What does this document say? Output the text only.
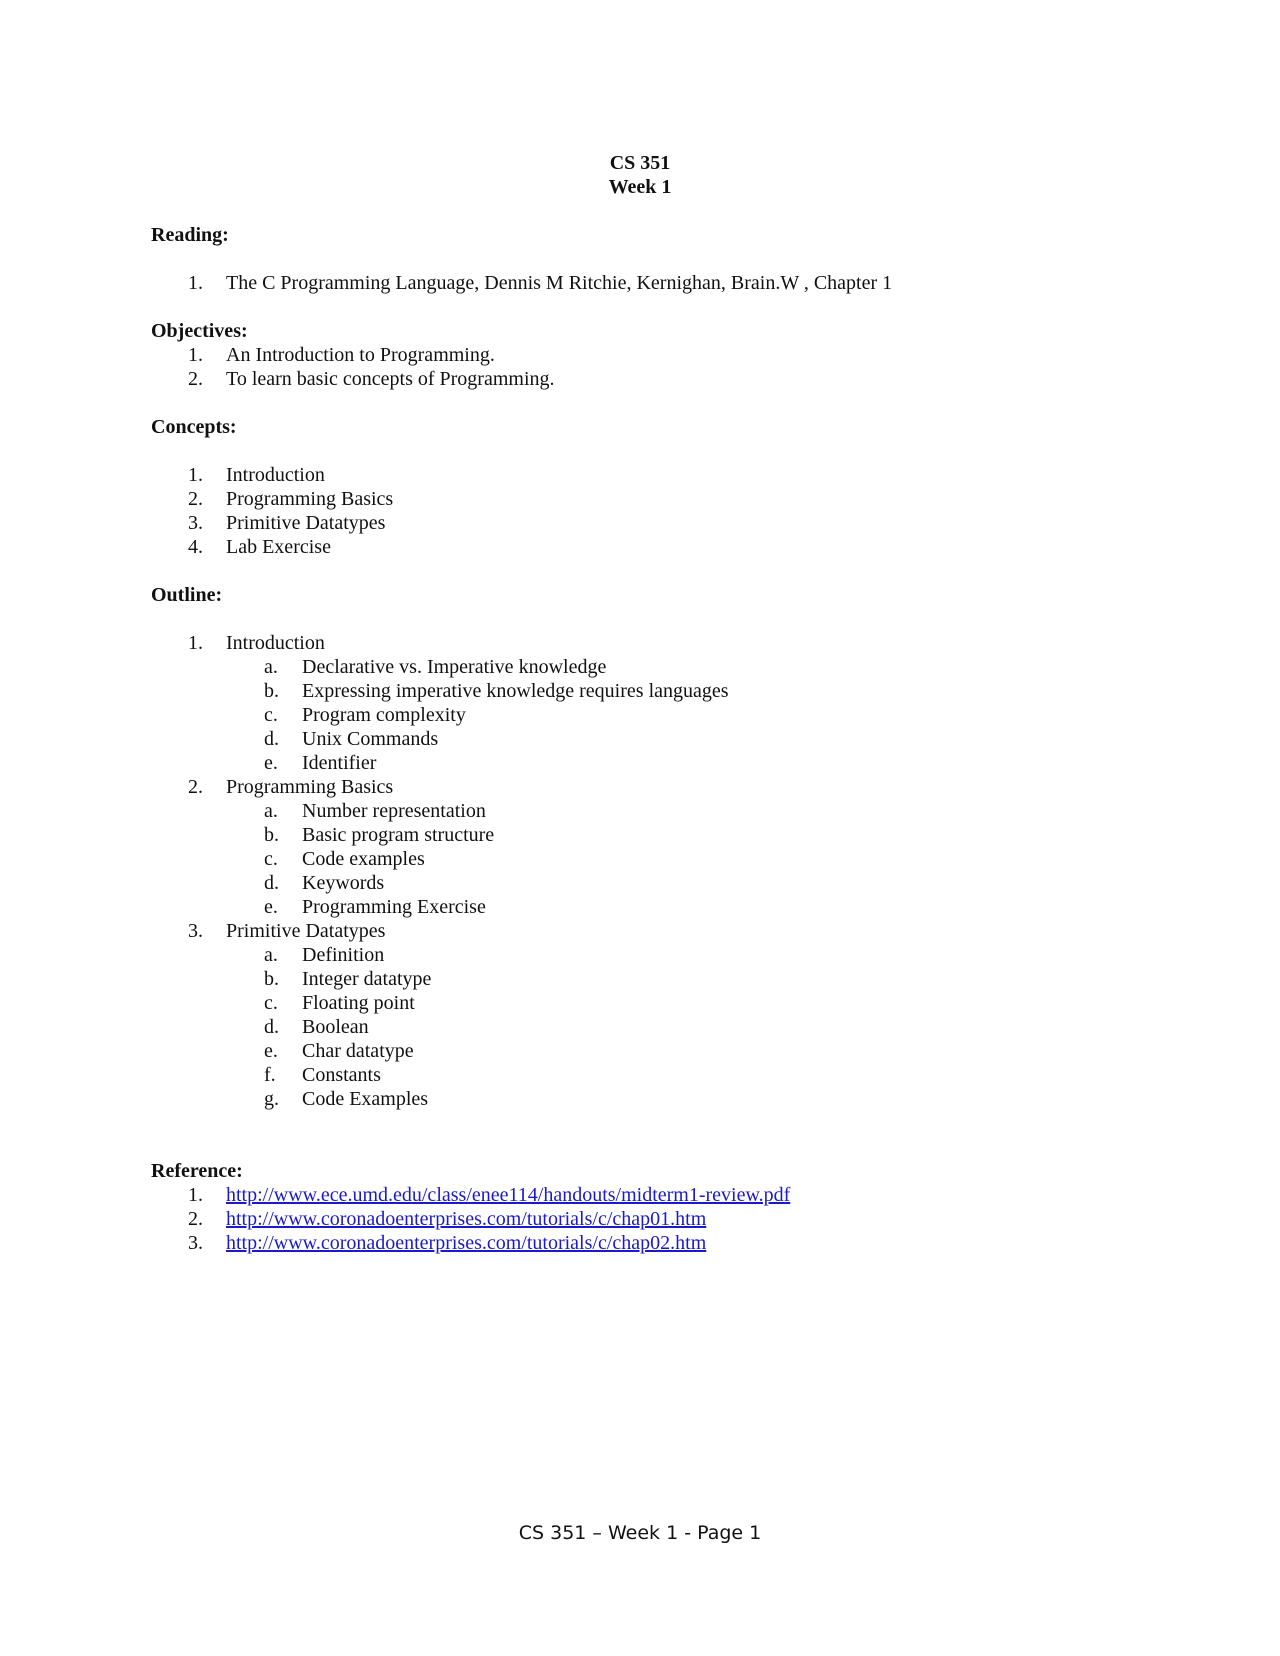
CS 351
Week 1
Reading:
1. The C Programming Language, Dennis M Ritchie, Kernighan, Brain.W , Chapter 1
Objectives:
1. An Introduction to Programming.
2. To learn basic concepts of Programming.
Concepts:
1. Introduction
2. Programming Basics
3. Primitive Datatypes
4. Lab Exercise
Outline:
1. Introduction
a. Declarative vs. Imperative knowledge
b. Expressing imperative knowledge requires languages
c. Program complexity
d. Unix Commands
e. Identifier
2. Programming Basics
a. Number representation
b. Basic program structure
c. Code examples
d. Keywords
e. Programming Exercise
3. Primitive Datatypes
a. Definition
b. Integer datatype
c. Floating point
d. Boolean
e. Char datatype
f. Constants
g. Code Examples
Reference:
1. http://www.ece.umd.edu/class/enee114/handouts/midterm1-review.pdf
2. http://www.coronadoenterprises.com/tutorials/c/chap01.htm
3. http://www.coronadoenterprises.com/tutorials/c/chap02.htm
CS 351 – Week 1 - Page 1
